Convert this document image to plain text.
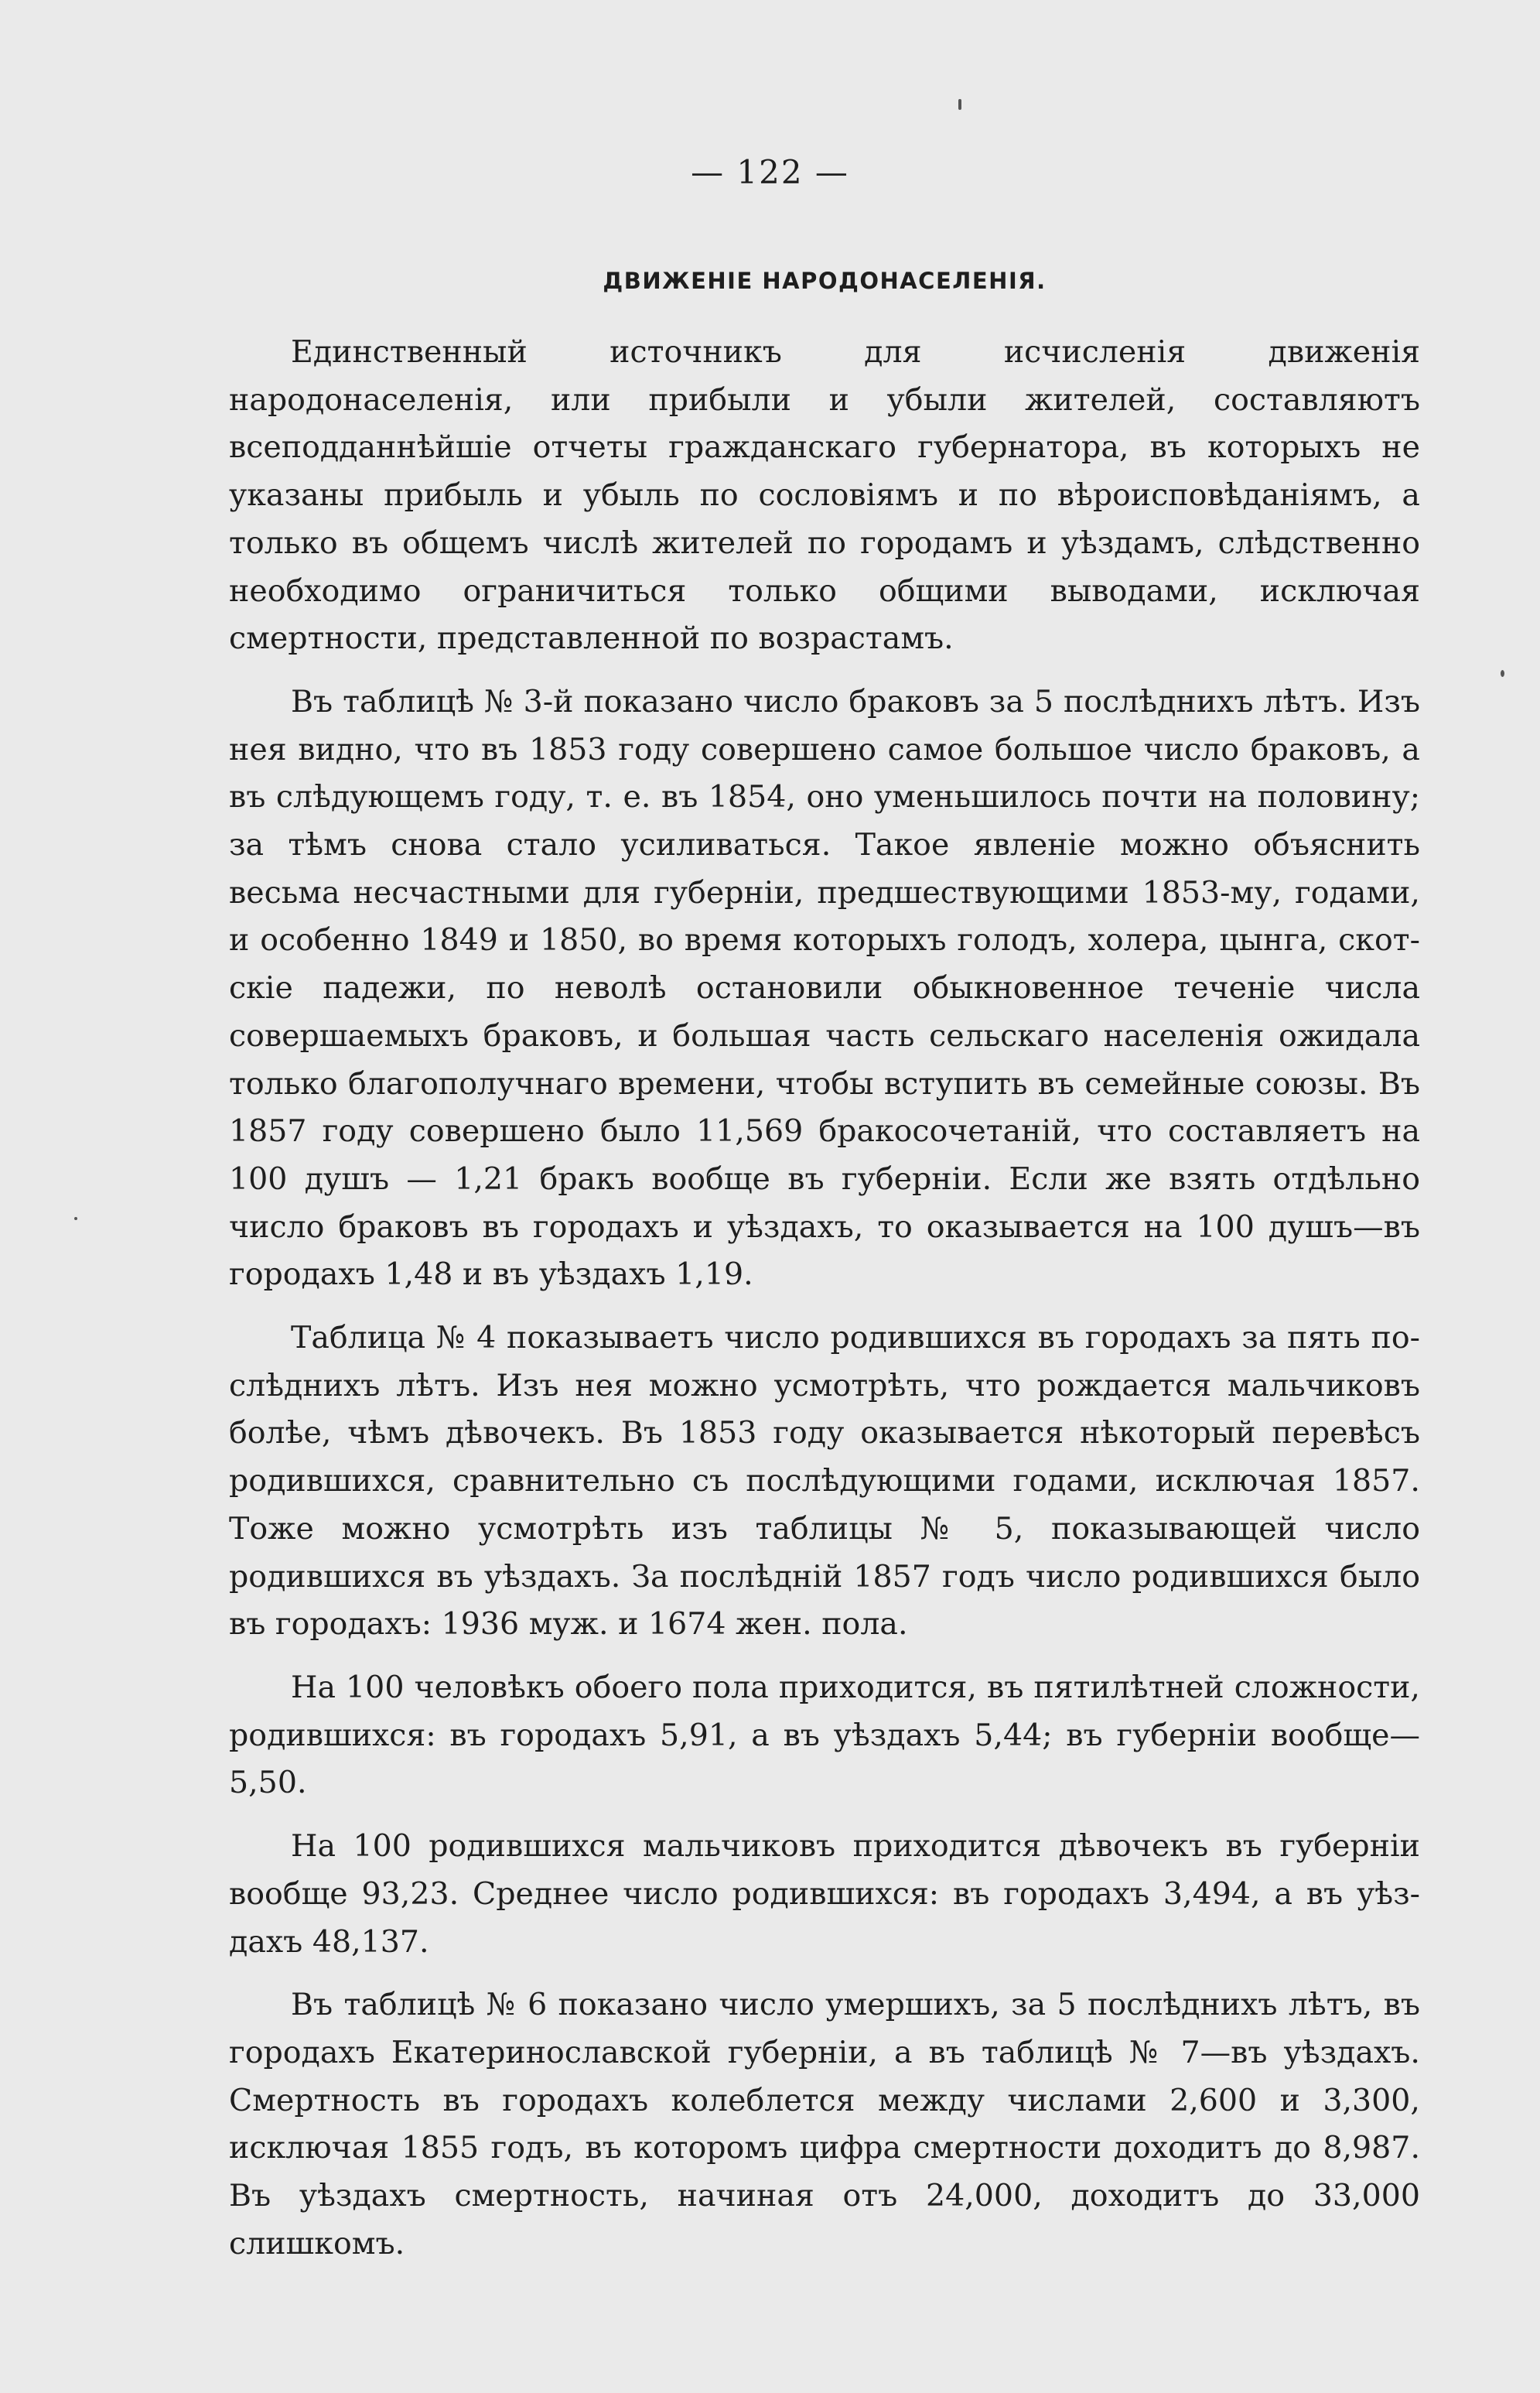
— 122 —
ДВИЖЕНІЕ НАРОДОНАСЕЛЕНІЯ.

Единственный источникъ для исчисленія движенія народонаселенія, или прибыли и убыли жителей, составляютъ всеподданнѣйшіе отчеты гражданскаго губернатора, въ которыхъ не указаны прибыль и убыль по сословіямъ и по вѣроисповѣданіямъ, а только въ общемъ числѣ жителей по городамъ и уѣздамъ, слѣдственно необходимо ограничиться только общими выводами, исключая смертности, представленной по возрастамъ.

Въ таблицѣ № 3-й показано число браковъ за 5 послѣднихъ лѣтъ. Изъ нея видно, что въ 1853 году совершено самое большое число браковъ, а въ слѣдующемъ году, т. е. въ 1854, оно уменьшилось почти на половину; за тѣмъ снова стало усиливаться. Такое явленіе можно объяснить весьма несчастными для губерніи, предшествующими 1853-му, годами, и особенно 1849 и 1850, во время которыхъ голодъ, холера, цынга, скотскіе падежи, по неволѣ остановили обыкновенное теченіе числа совершаемыхъ браковъ, и большая часть сельскаго населенія ожидала только благополучнаго времени, чтобы вступить въ семейные союзы. Въ 1857 году совершено было 11,569 бракосочетаній, что составляетъ на 100 душъ — 1,21 бракъ вообще въ губерніи. Если же взять отдѣльно число браковъ въ городахъ и уѣздахъ, то оказывается на 100 душъ—въ городахъ 1,48 и въ уѣздахъ 1,19.

Таблица № 4 показываетъ число родившихся въ городахъ за пять послѣднихъ лѣтъ. Изъ нея можно усмотрѣть, что рождается мальчиковъ болѣе, чѣмъ дѣвочекъ. Въ 1853 году оказывается нѣкоторый перевѣсъ родившихся, сравнительно съ послѣдующими годами, исключая 1857. Тоже можно усмотрѣть изъ таблицы № 5, показывающей число родившихся въ уѣздахъ. За послѣдній 1857 годъ число родившихся было въ городахъ: 1936 муж. и 1674 жен. пола.

На 100 человѣкъ обоего пола приходится, въ пятилѣтней сложности, родившихся: въ городахъ 5,91, а въ уѣздахъ 5,44; въ губерніи вообще— 5,50.

На 100 родившихся мальчиковъ приходится дѣвочекъ въ губерніи вообще 93,23. Среднее число родившихся: въ городахъ 3,494, а въ уѣздахъ 48,137.

Въ таблицѣ № 6 показано число умершихъ, за 5 послѣднихъ лѣтъ, въ городахъ Екатеринославской губерніи, а въ таблицѣ № 7—въ уѣздахъ. Смертность въ городахъ колеблется между числами 2,600 и 3,300, исключая 1855 годъ, въ которомъ цифра смертности доходитъ до 8,987. Въ уѣздахъ смертность, начиная отъ 24,000, доходитъ до 33,000 слишкомъ.
